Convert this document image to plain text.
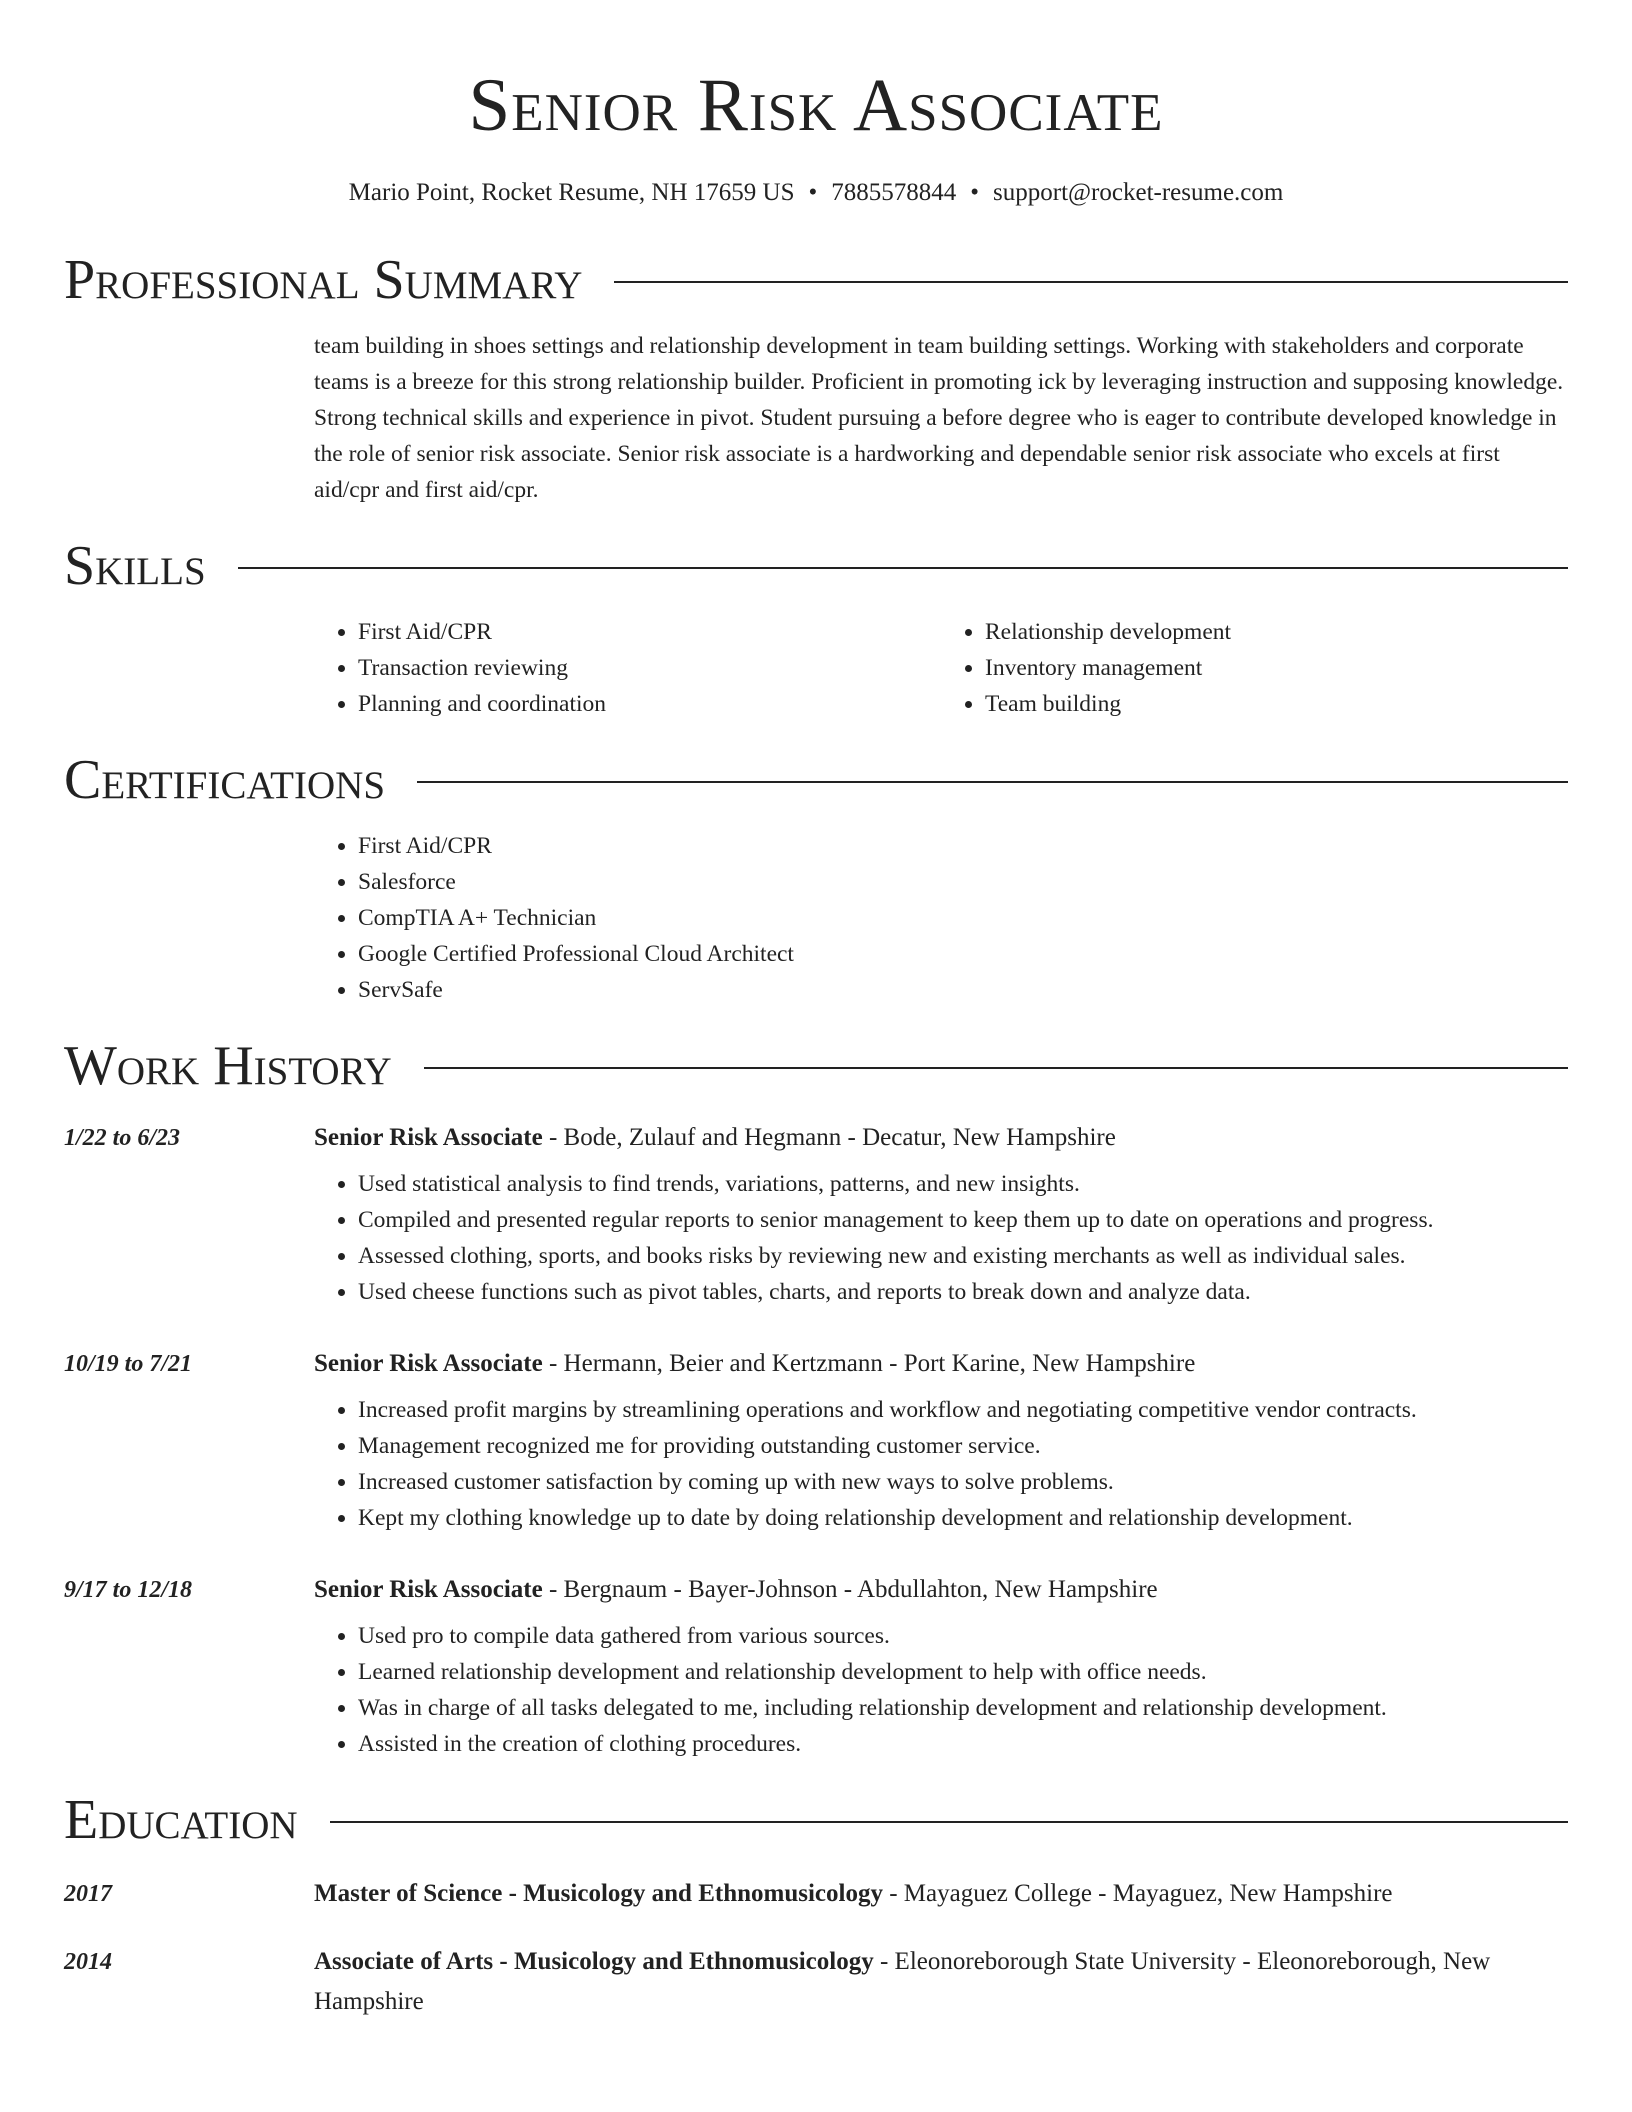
Senior Risk Associate
Mario Point, Rocket Resume, NH 17659 US • 7885578844 • support@rocket-resume.com
Professional Summary
team building in shoes settings and relationship development in team building settings. Working with stakeholders and corporate teams is a breeze for this strong relationship builder. Proficient in promoting ick by leveraging instruction and supposing knowledge. Strong technical skills and experience in pivot. Student pursuing a before degree who is eager to contribute developed knowledge in the role of senior risk associate. Senior risk associate is a hardworking and dependable senior risk associate who excels at first aid/cpr and first aid/cpr.
Skills
• First Aid/CPR
• Transaction reviewing
• Planning and coordination
• Relationship development
• Inventory management
• Team building
Certifications
• First Aid/CPR
• Salesforce
• CompTIA A+ Technician
• Google Certified Professional Cloud Architect
• ServSafe
Work History
1/22 to 6/23	Senior Risk Associate - Bode, Zulauf and Hegmann - Decatur, New Hampshire
• Used statistical analysis to find trends, variations, patterns, and new insights.
• Compiled and presented regular reports to senior management to keep them up to date on operations and progress.
• Assessed clothing, sports, and books risks by reviewing new and existing merchants as well as individual sales.
• Used cheese functions such as pivot tables, charts, and reports to break down and analyze data.
10/19 to 7/21	Senior Risk Associate - Hermann, Beier and Kertzmann - Port Karine, New Hampshire
• Increased profit margins by streamlining operations and workflow and negotiating competitive vendor contracts.
• Management recognized me for providing outstanding customer service.
• Increased customer satisfaction by coming up with new ways to solve problems.
• Kept my clothing knowledge up to date by doing relationship development and relationship development.
9/17 to 12/18	Senior Risk Associate - Bergnaum - Bayer-Johnson - Abdullahton, New Hampshire
• Used pro to compile data gathered from various sources.
• Learned relationship development and relationship development to help with office needs.
• Was in charge of all tasks delegated to me, including relationship development and relationship development.
• Assisted in the creation of clothing procedures.
Education
2017	Master of Science - Musicology and Ethnomusicology - Mayaguez College - Mayaguez, New Hampshire
2014	Associate of Arts - Musicology and Ethnomusicology - Eleonoreborough State University - Eleonoreborough, New Hampshire
